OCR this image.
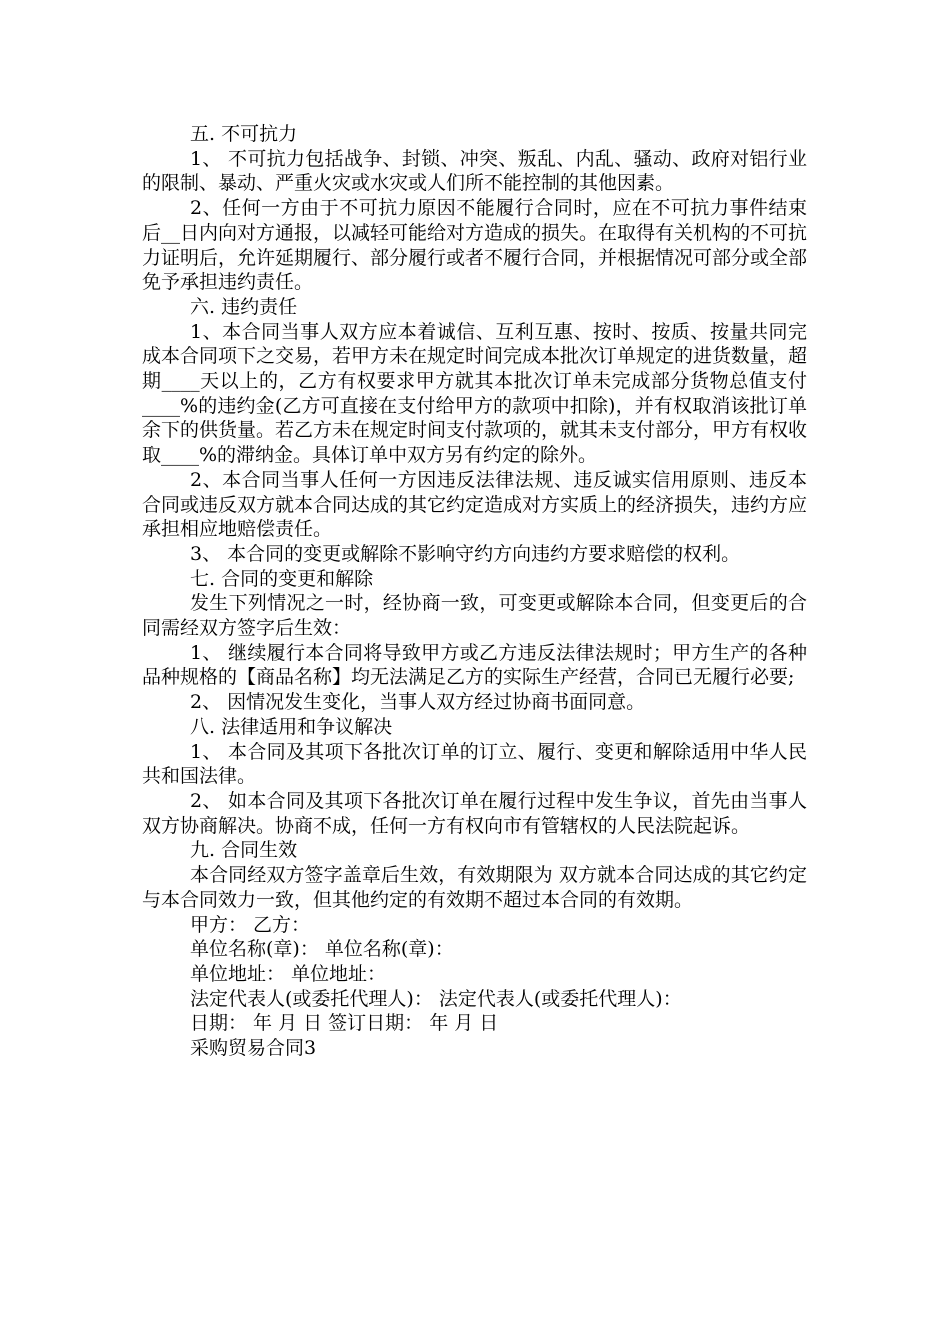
五. 不可抗力

1、 不可抗力包括战争、封锁、冲突、叛乱、内乱、骚动、政府对铝行业的限制、暴动、严重火灾或水灾或人们所不能控制的其他因素。

2、任何一方由于不可抗力原因不能履行合同时，应在不可抗力事件结束后__日内向对方通报，以减轻可能给对方造成的损失。在取得有关机构的不可抗力证明后，允许延期履行、部分履行或者不履行合同，并根据情况可部分或全部免予承担违约责任。

六. 违约责任

1、本合同当事人双方应本着诚信、互利互惠、按时、按质、按量共同完成本合同项下之交易，若甲方未在规定时间完成本批次订单规定的进货数量，超期____天以上的，乙方有权要求甲方就其本批次订单未完成部分货物总值支付____%的违约金(乙方可直接在支付给甲方的款项中扣除)，并有权取消该批订单余下的供货量。若乙方未在规定时间支付款项的，就其未支付部分，甲方有权收取____%的滞纳金。具体订单中双方另有约定的除外。

2、本合同当事人任何一方因违反法律法规、违反诚实信用原则、违反本合同或违反双方就本合同达成的其它约定造成对方实质上的经济损失，违约方应承担相应地赔偿责任。

3、 本合同的变更或解除不影响守约方向违约方要求赔偿的权利。

七. 合同的变更和解除

发生下列情况之一时，经协商一致，可变更或解除本合同，但变更后的合同需经双方签字后生效：

1、 继续履行本合同将导致甲方或乙方违反法律法规时；甲方生产的各种品种规格的【商品名称】均无法满足乙方的实际生产经营，合同已无履行必要;

2、 因情况发生变化，当事人双方经过协商书面同意。

八. 法律适用和争议解决

1、 本合同及其项下各批次订单的订立、履行、变更和解除适用中华人民共和国法律。

2、 如本合同及其项下各批次订单在履行过程中发生争议，首先由当事人双方协商解决。协商不成，任何一方有权向市有管辖权的人民法院起诉。

九. 合同生效

本合同经双方签字盖章后生效，有效期限为 双方就本合同达成的其它约定与本合同效力一致，但其他约定的有效期不超过本合同的有效期。

甲方： 乙方：

单位名称(章)： 单位名称(章)：

单位地址： 单位地址：

法定代表人(或委托代理人)： 法定代表人(或委托代理人)：

日期： 年 月 日 签订日期： 年 月 日

采购贸易合同3
